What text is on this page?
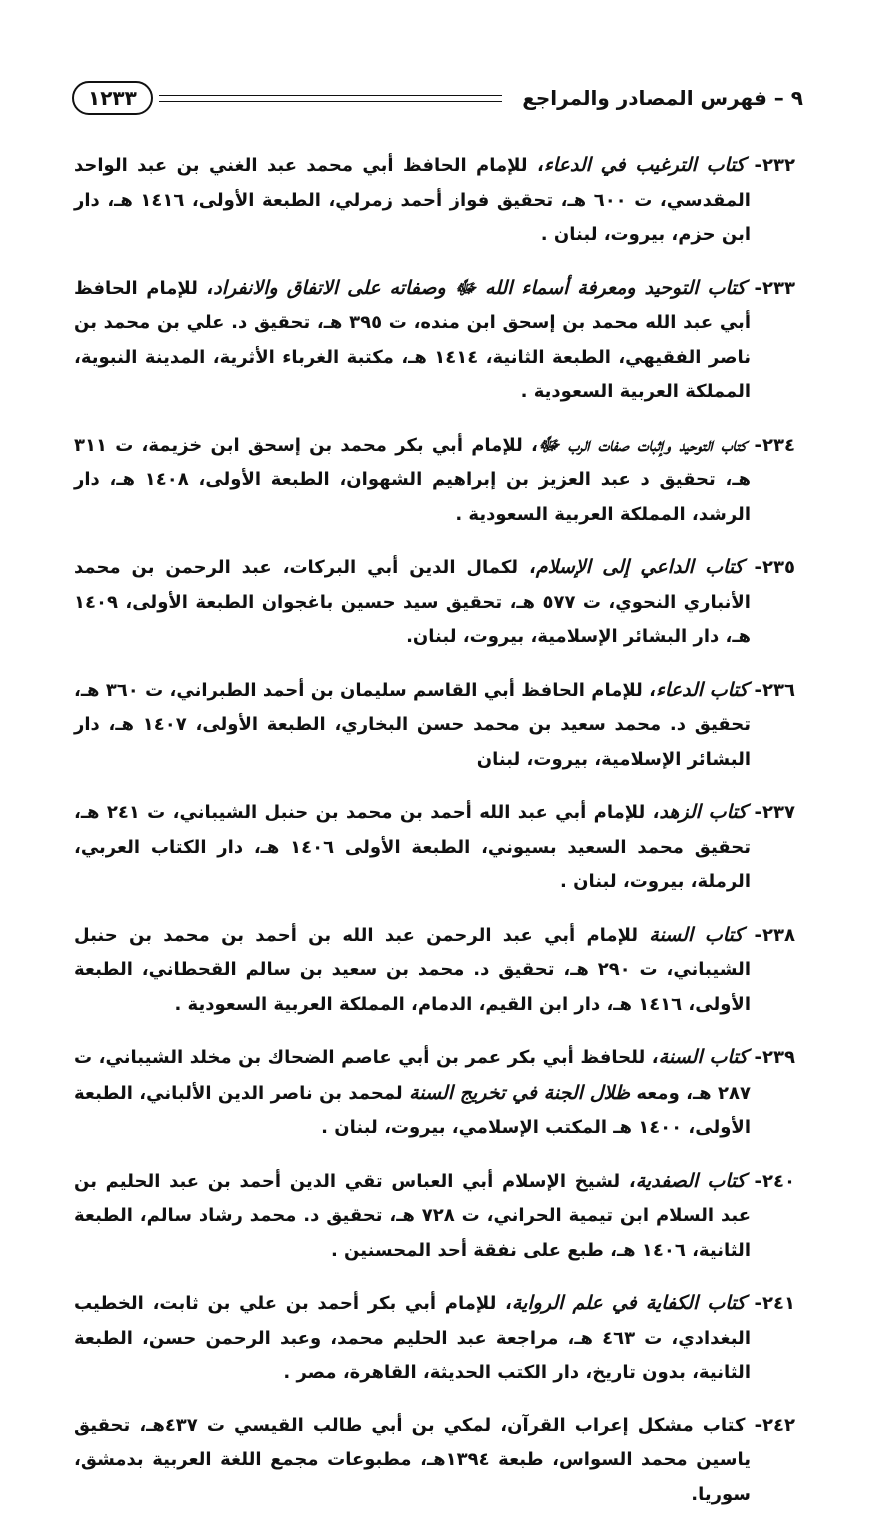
٩ – فهرس المصادر والمراجع
١٢٣٣

٢٣٢- كتاب الترغيب في الدعاء، للإمام الحافظ أبي محمد عبد الغني بن عبد الواحد المقدسي، ت ٦٠٠ هـ، تحقيق فواز أحمد زمرلي، الطبعة الأولى، ١٤١٦ هـ، دار ابن حزم، بيروت، لبنان .

٢٣٣- كتاب التوحيد ومعرفة أسماء الله ﷻ وصفاته على الاتفاق والانفراد، للإمام الحافظ أبي عبد الله محمد بن إسحق ابن منده، ت ٣٩٥ هـ، تحقيق د. علي بن محمد بن ناصر الفقيهي، الطبعة الثانية، ١٤١٤ هـ، مكتبة الغرباء الأثرية، المدينة النبوية، المملكة العربية السعودية .

٢٣٤- كتاب التوحيد وإثبات صفات الرب ﷻ، للإمام أبي بكر محمد بن إسحق ابن خزيمة، ت ٣١١ هـ، تحقيق د عبد العزيز بن إبراهيم الشهوان، الطبعة الأولى، ١٤٠٨ هـ، دار الرشد، المملكة العربية السعودية .

٢٣٥- كتاب الداعي إلى الإسلام، لكمال الدين أبي البركات، عبد الرحمن بن محمد الأنباري النحوي، ت ٥٧٧ هـ، تحقيق سيد حسين باغجوان الطبعة الأولى، ١٤٠٩ هـ، دار البشائر الإسلامية، بيروت، لبنان.

٢٣٦- كتاب الدعاء، للإمام الحافظ أبي القاسم سليمان بن أحمد الطبراني، ت ٣٦٠ هـ، تحقيق د. محمد سعيد بن محمد حسن البخاري، الطبعة الأولى، ١٤٠٧ هـ، دار البشائر الإسلامية، بيروت، لبنان

٢٣٧- كتاب الزهد، للإمام أبي عبد الله أحمد بن محمد بن حنبل الشيباني، ت ٢٤١ هـ، تحقيق محمد السعيد بسيوني، الطبعة الأولى ١٤٠٦ هـ، دار الكتاب العربي، الرملة، بيروت، لبنان .

٢٣٨- كتاب السنة للإمام أبي عبد الرحمن عبد الله بن أحمد بن محمد بن حنبل الشيباني، ت ٢٩٠ هـ، تحقيق د. محمد بن سعيد بن سالم القحطاني، الطبعة الأولى، ١٤١٦ هـ، دار ابن القيم، الدمام، المملكة العربية السعودية .

٢٣٩- كتاب السنة، للحافظ أبي بكر عمر بن أبي عاصم الضحاك بن مخلد الشيباني، ت ٢٨٧ هـ، ومعه ظلال الجنة في تخريج السنة لمحمد بن ناصر الدين الألباني، الطبعة الأولى، ١٤٠٠ هـ المكتب الإسلامي، بيروت، لبنان .

٢٤٠- كتاب الصفدية، لشيخ الإسلام أبي العباس تقي الدين أحمد بن عبد الحليم بن عبد السلام ابن تيمية الحراني، ت ٧٢٨ هـ، تحقيق د. محمد رشاد سالم، الطبعة الثانية، ١٤٠٦ هـ، طبع على نفقة أحد المحسنين .

٢٤١- كتاب الكفاية في علم الرواية، للإمام أبي بكر أحمد بن علي بن ثابت، الخطيب البغدادي، ت ٤٦٣ هـ، مراجعة عبد الحليم محمد، وعبد الرحمن حسن، الطبعة الثانية، بدون تاريخ، دار الكتب الحديثة، القاهرة، مصر .

٢٤٢- كتاب مشكل إعراب القرآن، لمكي بن أبي طالب القيسي ت ٤٣٧هـ، تحقيق ياسين محمد السواس، طبعة ١٣٩٤هـ، مطبوعات مجمع اللغة العربية بدمشق، سوريا.
